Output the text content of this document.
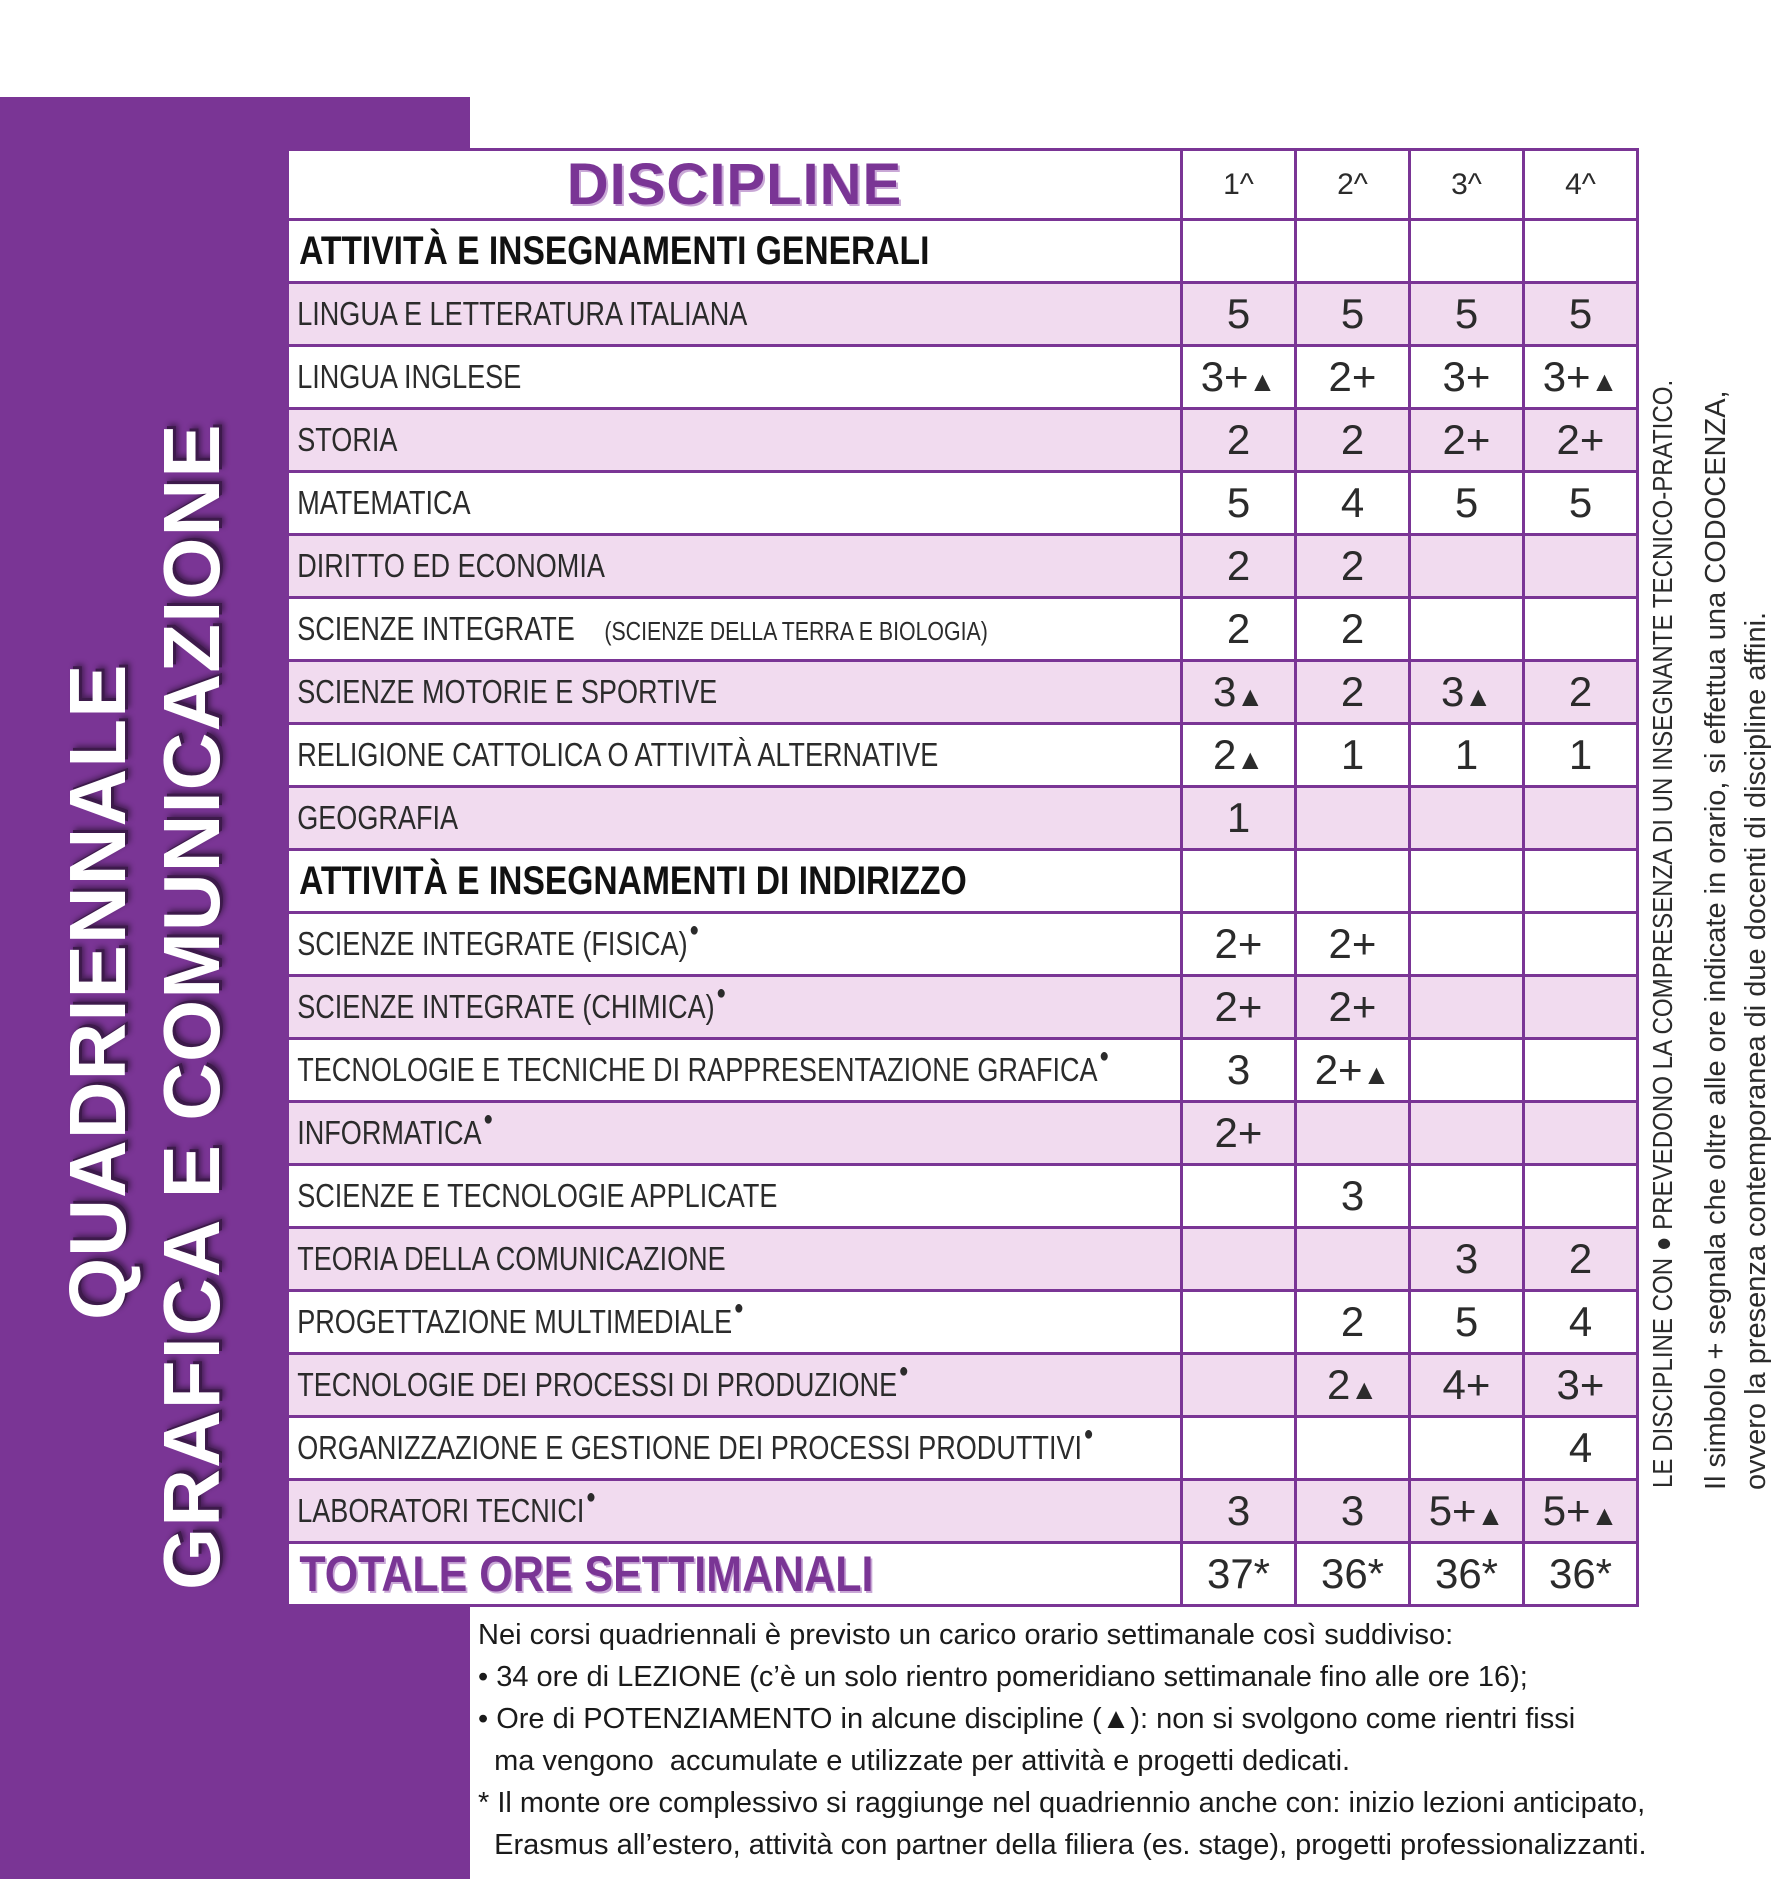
QUADRIENNALE GRAFICA E COMUNICAZIONE
DISCIPLINE	1^	2^	3^	4^
ATTIVITÀ E INSEGNAMENTI GENERALI				
LINGUA E LETTERATURA ITALIANA	5	5	5	5
LINGUA INGLESE	3+▲	2+	3+	3+▲
STORIA	2	2	2+	2+
MATEMATICA	5	4	5	5
DIRITTO ED ECONOMIA	2	2		
SCIENZE INTEGRATE (SCIENZE DELLA TERRA E BIOLOGIA)	2	2		
SCIENZE MOTORIE E SPORTIVE	3▲	2	3▲	2
RELIGIONE CATTOLICA O ATTIVITÀ ALTERNATIVE	2▲	1	1	1
GEOGRAFIA	1			
ATTIVITÀ E INSEGNAMENTI DI INDIRIZZO				
SCIENZE INTEGRATE (FISICA)●	2+	2+		
SCIENZE INTEGRATE (CHIMICA)●	2+	2+		
TECNOLOGIE E TECNICHE DI RAPPRESENTAZIONE GRAFICA●	3	2+▲		
INFORMATICA●	2+			
SCIENZE E TECNOLOGIE APPLICATE		3		
TEORIA DELLA COMUNICAZIONE			3	2
PROGETTAZIONE MULTIMEDIALE●		2	5	4
TECNOLOGIE DEI PROCESSI DI PRODUZIONE●		2▲	4+	3+
ORGANIZZAZIONE E GESTIONE DEI PROCESSI PRODUTTIVI●				4
LABORATORI TECNICI●	3	3	5+▲	5+▲
TOTALE ORE SETTIMANALI	37*	36*	36*	36*
LE DISCIPLINE CON ● PREVEDONO LA COMPRESENZA DI UN INSEGNANTE TECNICO-PRATICO. Il simbolo + segnala che oltre alle ore indicate in orario, si effettua una CODOCENZA, ovvero la presenza contemporanea di due docenti di discipline affini.
Nei corsi quadriennali è previsto un carico orario settimanale così suddiviso:
• 34 ore di LEZIONE (c’è un solo rientro pomeridiano settimanale fino alle ore 16);
• Ore di POTENZIAMENTO in alcune discipline (▲): non si svolgono come rientri fissi
ma vengono  accumulate e utilizzate per attività e progetti dedicati.
* Il monte ore complessivo si raggiunge nel quadriennio anche con: inizio lezioni anticipato,
Erasmus all’estero, attività con partner della filiera (es. stage), progetti professionalizzanti.
